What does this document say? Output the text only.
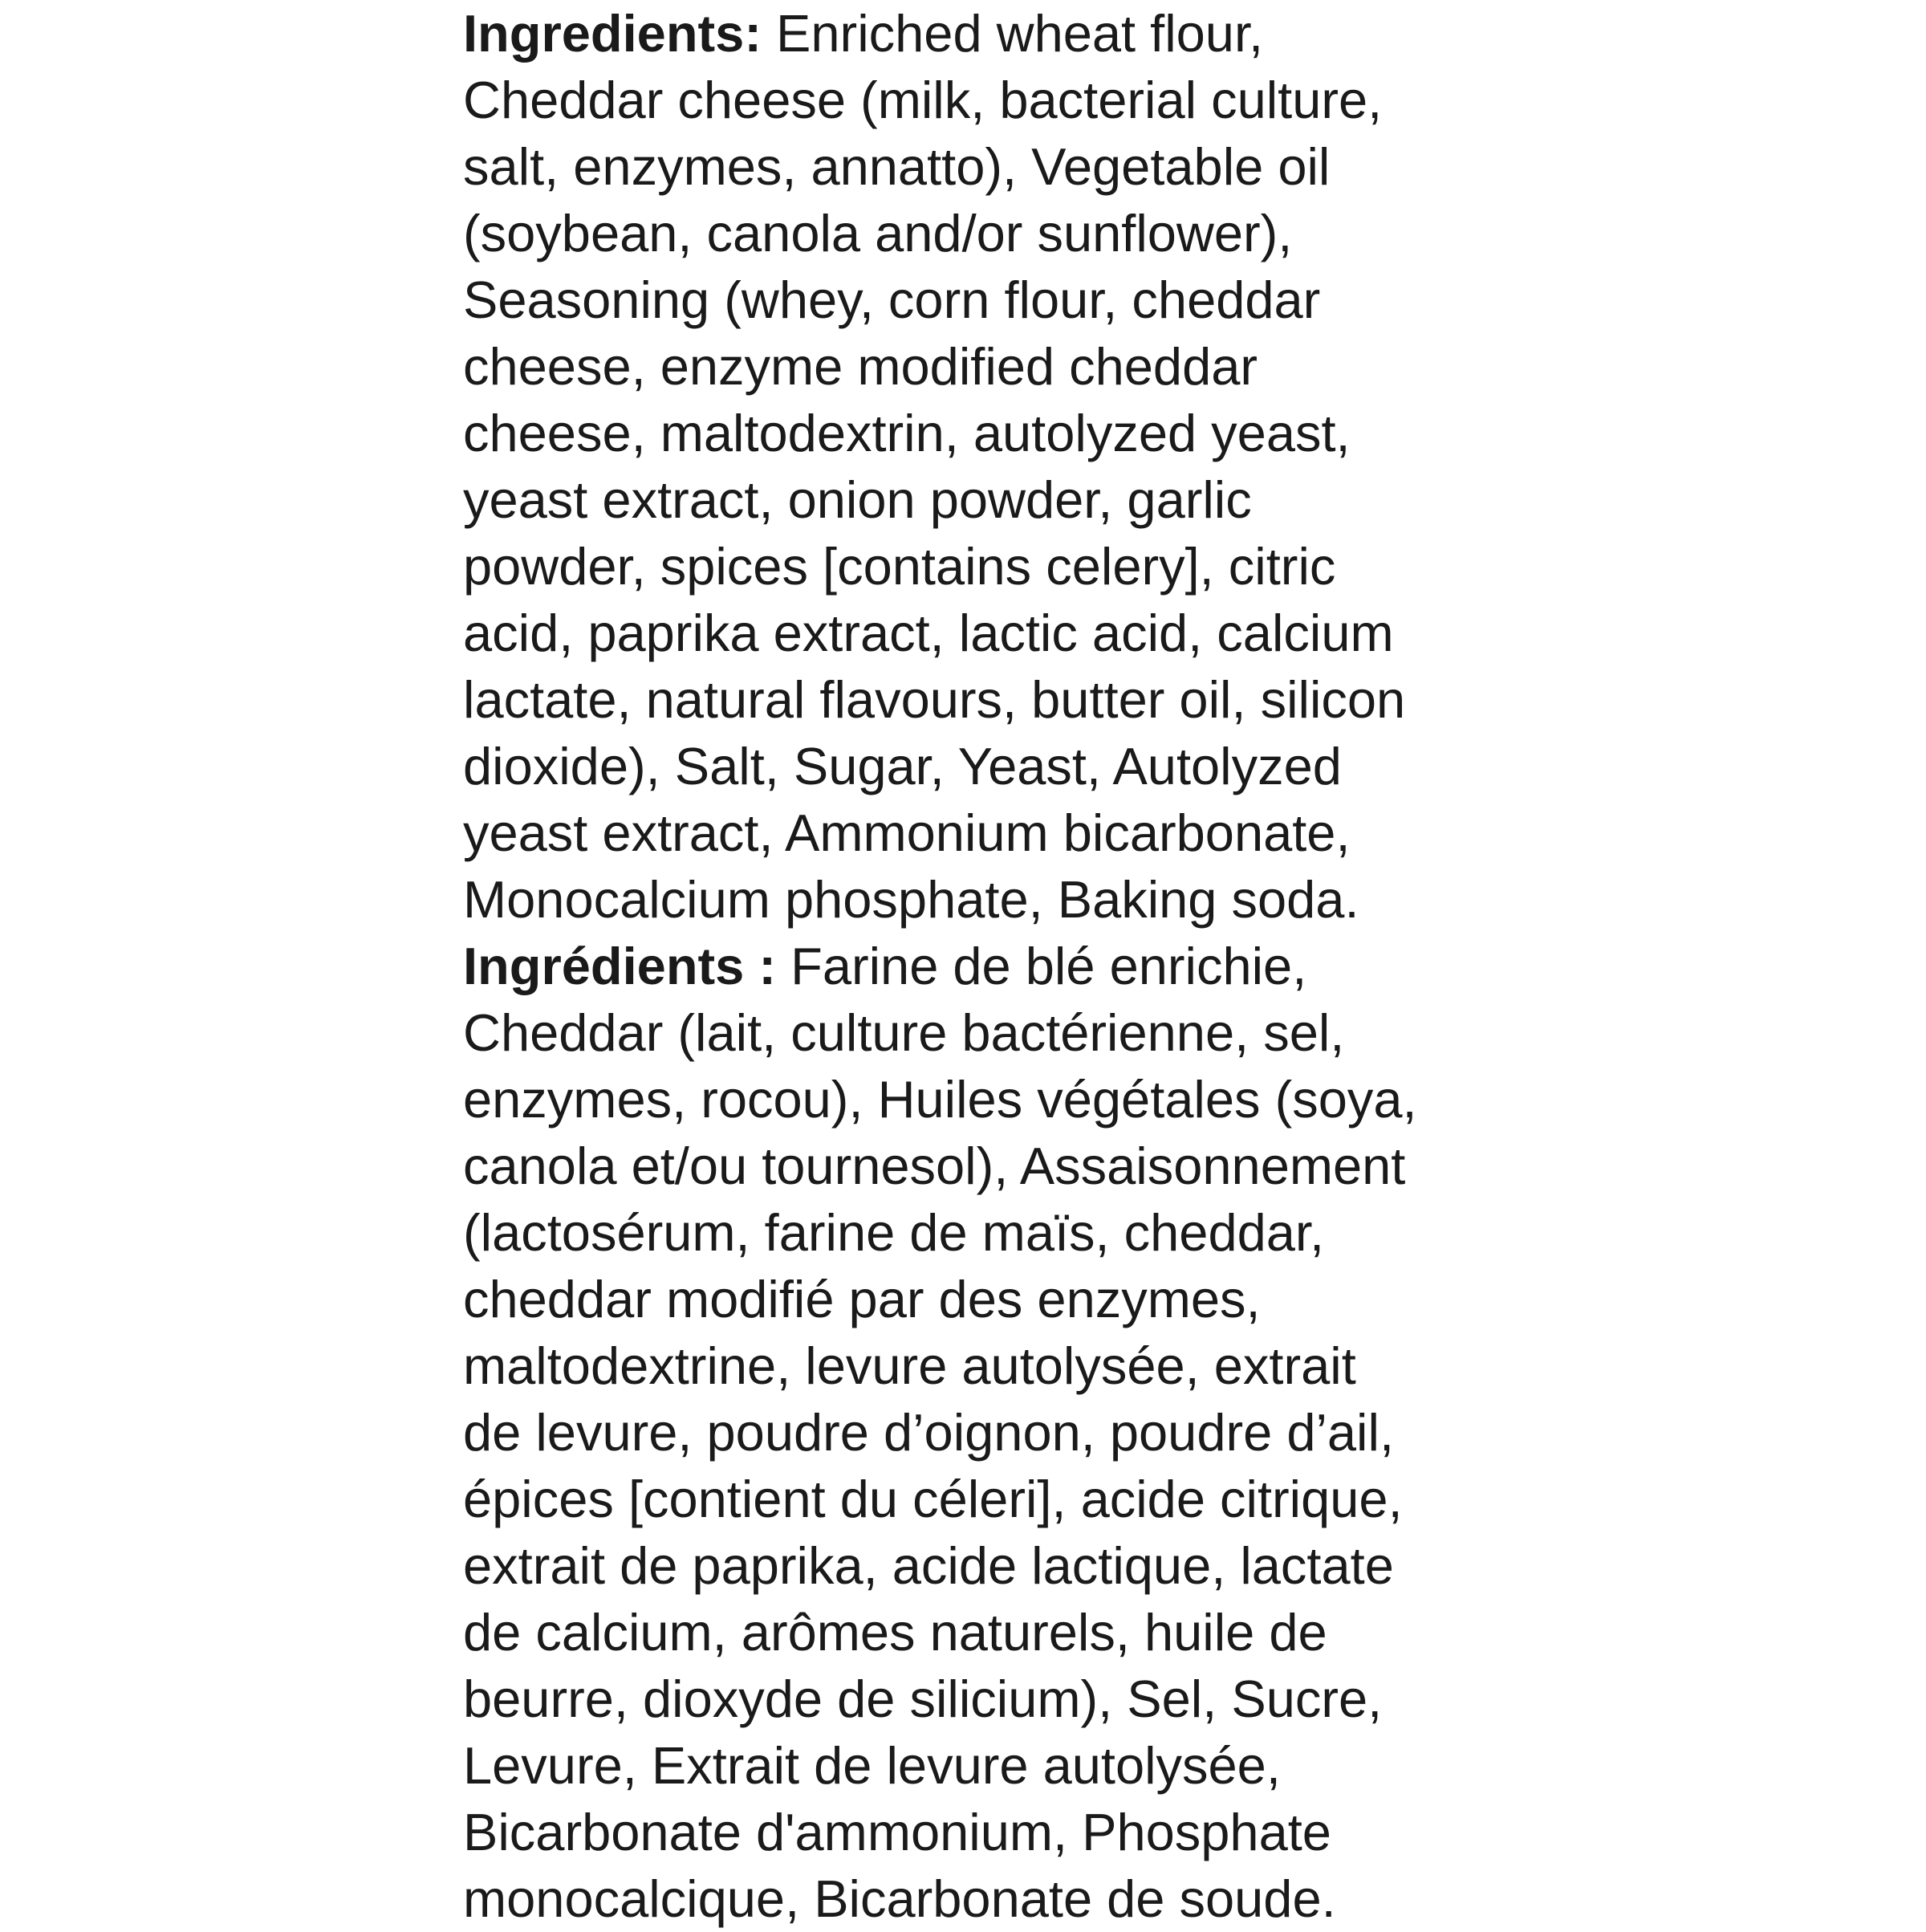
Ingredients: Enriched wheat flour,
Cheddar cheese (milk, bacterial culture,
salt, enzymes, annatto), Vegetable oil
(soybean, canola and/or sunflower),
Seasoning (whey, corn flour, cheddar
cheese, enzyme modified cheddar
cheese, maltodextrin, autolyzed yeast,
yeast extract, onion powder, garlic
powder, spices [contains celery], citric
acid, paprika extract, lactic acid, calcium
lactate, natural flavours, butter oil, silicon
dioxide), Salt, Sugar, Yeast, Autolyzed
yeast extract, Ammonium bicarbonate,
Monocalcium phosphate, Baking soda.
Ingrédients : Farine de blé enrichie,
Cheddar (lait, culture bactérienne, sel,
enzymes, rocou), Huiles végétales (soya,
canola et/ou tournesol), Assaisonnement
(lactosérum, farine de maïs, cheddar,
cheddar modifié par des enzymes,
maltodextrine, levure autolysée, extrait
de levure, poudre d’oignon, poudre d’ail,
épices [contient du céleri], acide citrique,
extrait de paprika, acide lactique, lactate
de calcium, arômes naturels, huile de
beurre, dioxyde de silicium), Sel, Sucre,
Levure, Extrait de levure autolysée,
Bicarbonate d'ammonium, Phosphate
monocalcique, Bicarbonate de soude.
